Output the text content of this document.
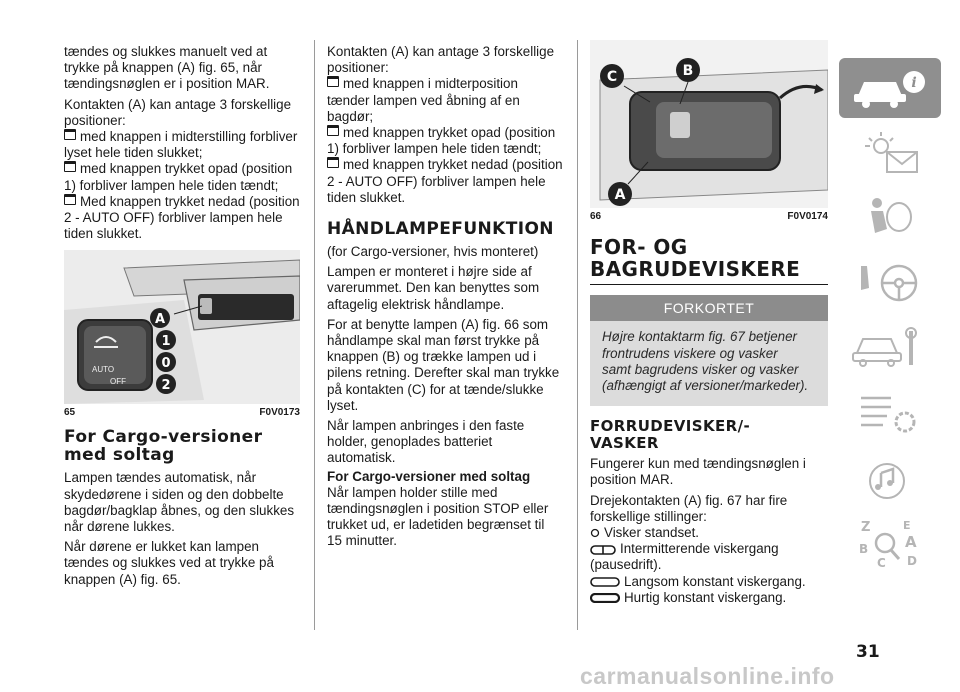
tændes og slukkes manuelt ved at
trykke på knappen (A) fig. 65, når
tændingsnøglen er i position MAR.
Kontakten (A) kan antage 3 forskellige
positioner:
med knappen i midterstilling forbliver
lyset hele tiden slukket;
med knappen trykket opad (position
1) forbliver lampen hele tiden tændt;
Med knappen trykket nedad (position
2 - AUTO OFF) forbliver lampen hele
tiden slukket.
AUTO
OFF
A
1
0
2
65	F0V0173
For Cargo-versioner
med soltag
Lampen tændes automatisk, når
skydedørene i siden og den dobbelte
bagdør/bagklap åbnes, og den slukkes
når dørene lukkes.
Når dørene er lukket kan lampen
tændes og slukkes ved at trykke på
knappen (A) fig. 65.
Kontakten (A) kan antage 3 forskellige
positioner:
med knappen i midterposition
tænder lampen ved åbning af en
bagdør;
med knappen trykket opad (position
1) forbliver lampen hele tiden tændt;
med knappen trykket nedad (position
2 - AUTO OFF) forbliver lampen hele
tiden slukket.
HÅNDLAMPEFUNKTION
(for Cargo-versioner, hvis monteret)
Lampen er monteret i højre side af
varerummet. Den kan benyttes som
aftagelig elektrisk håndlampe.
For at benytte lampen (A) fig. 66 som
håndlampe skal man først trykke på
knappen (B) og trække lampen ud i
pilens retning. Derefter skal man trykke
på kontakten (C) for at tænde/slukke
lyset.
Når lampen anbringes i den faste
holder, genoplades batteriet
automatisk.
For Cargo-versioner med soltag
Når lampen holder stille med
tændingsnøglen i position STOP eller
trukket ud, er ladetiden begrænset til
15 minutter.
C	B
A
66	F0V0174
FOR- OG
BAGRUDEVISKERE
FORKORTET
Højre kontaktarm fig. 67 betjener
frontrudens viskere og vasker
samt bagrudens visker og vasker
(afhængigt af versioner/markeder).
FORRUDEVISKER/-
VASKER
Fungerer kun med tændingsnøglen i
position MAR.
Drejekontakten (A) fig. 67 har fire
forskellige stillinger:
Visker standset.
Intermitterende viskergang
(pausedrift).
Langsom konstant viskergang.
Hurtig konstant viskergang.
i
Z	E
A
B
C D
31
carmanualsonline.info
